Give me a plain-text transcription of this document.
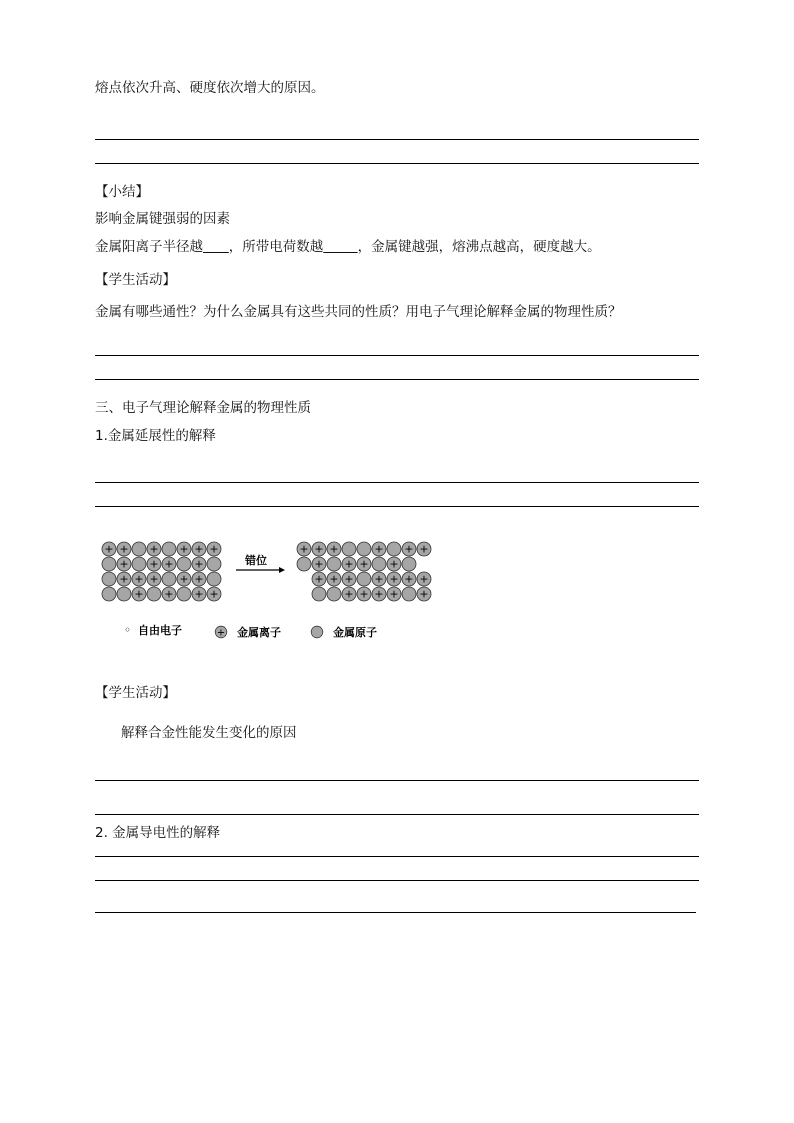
熔点依次升高、硬度依次增大的原因。
【小结】
影响金属键强弱的因素
金属阳离子半径越 ，所带电荷数越	，金属键越强，熔沸点越高，硬度越大。
【学生活动】
金属有哪些通性？为什么金属具有这些共同的性质？用电子气理论解释金属的物理性质？
三、电子气理论解释金属的物理性质
1.金属延展性的解释
+ + + + + +
+ + + +
+ + + + +
+ + + +
错位
+ + +	+ + +
+ + + +
+ + + + + + +
+ + + + +
◦ 自由电子	+ 金属离子	金属原子
【学生活动】
解释合金性能发生变化的原因
2. 金属导电性的解释
